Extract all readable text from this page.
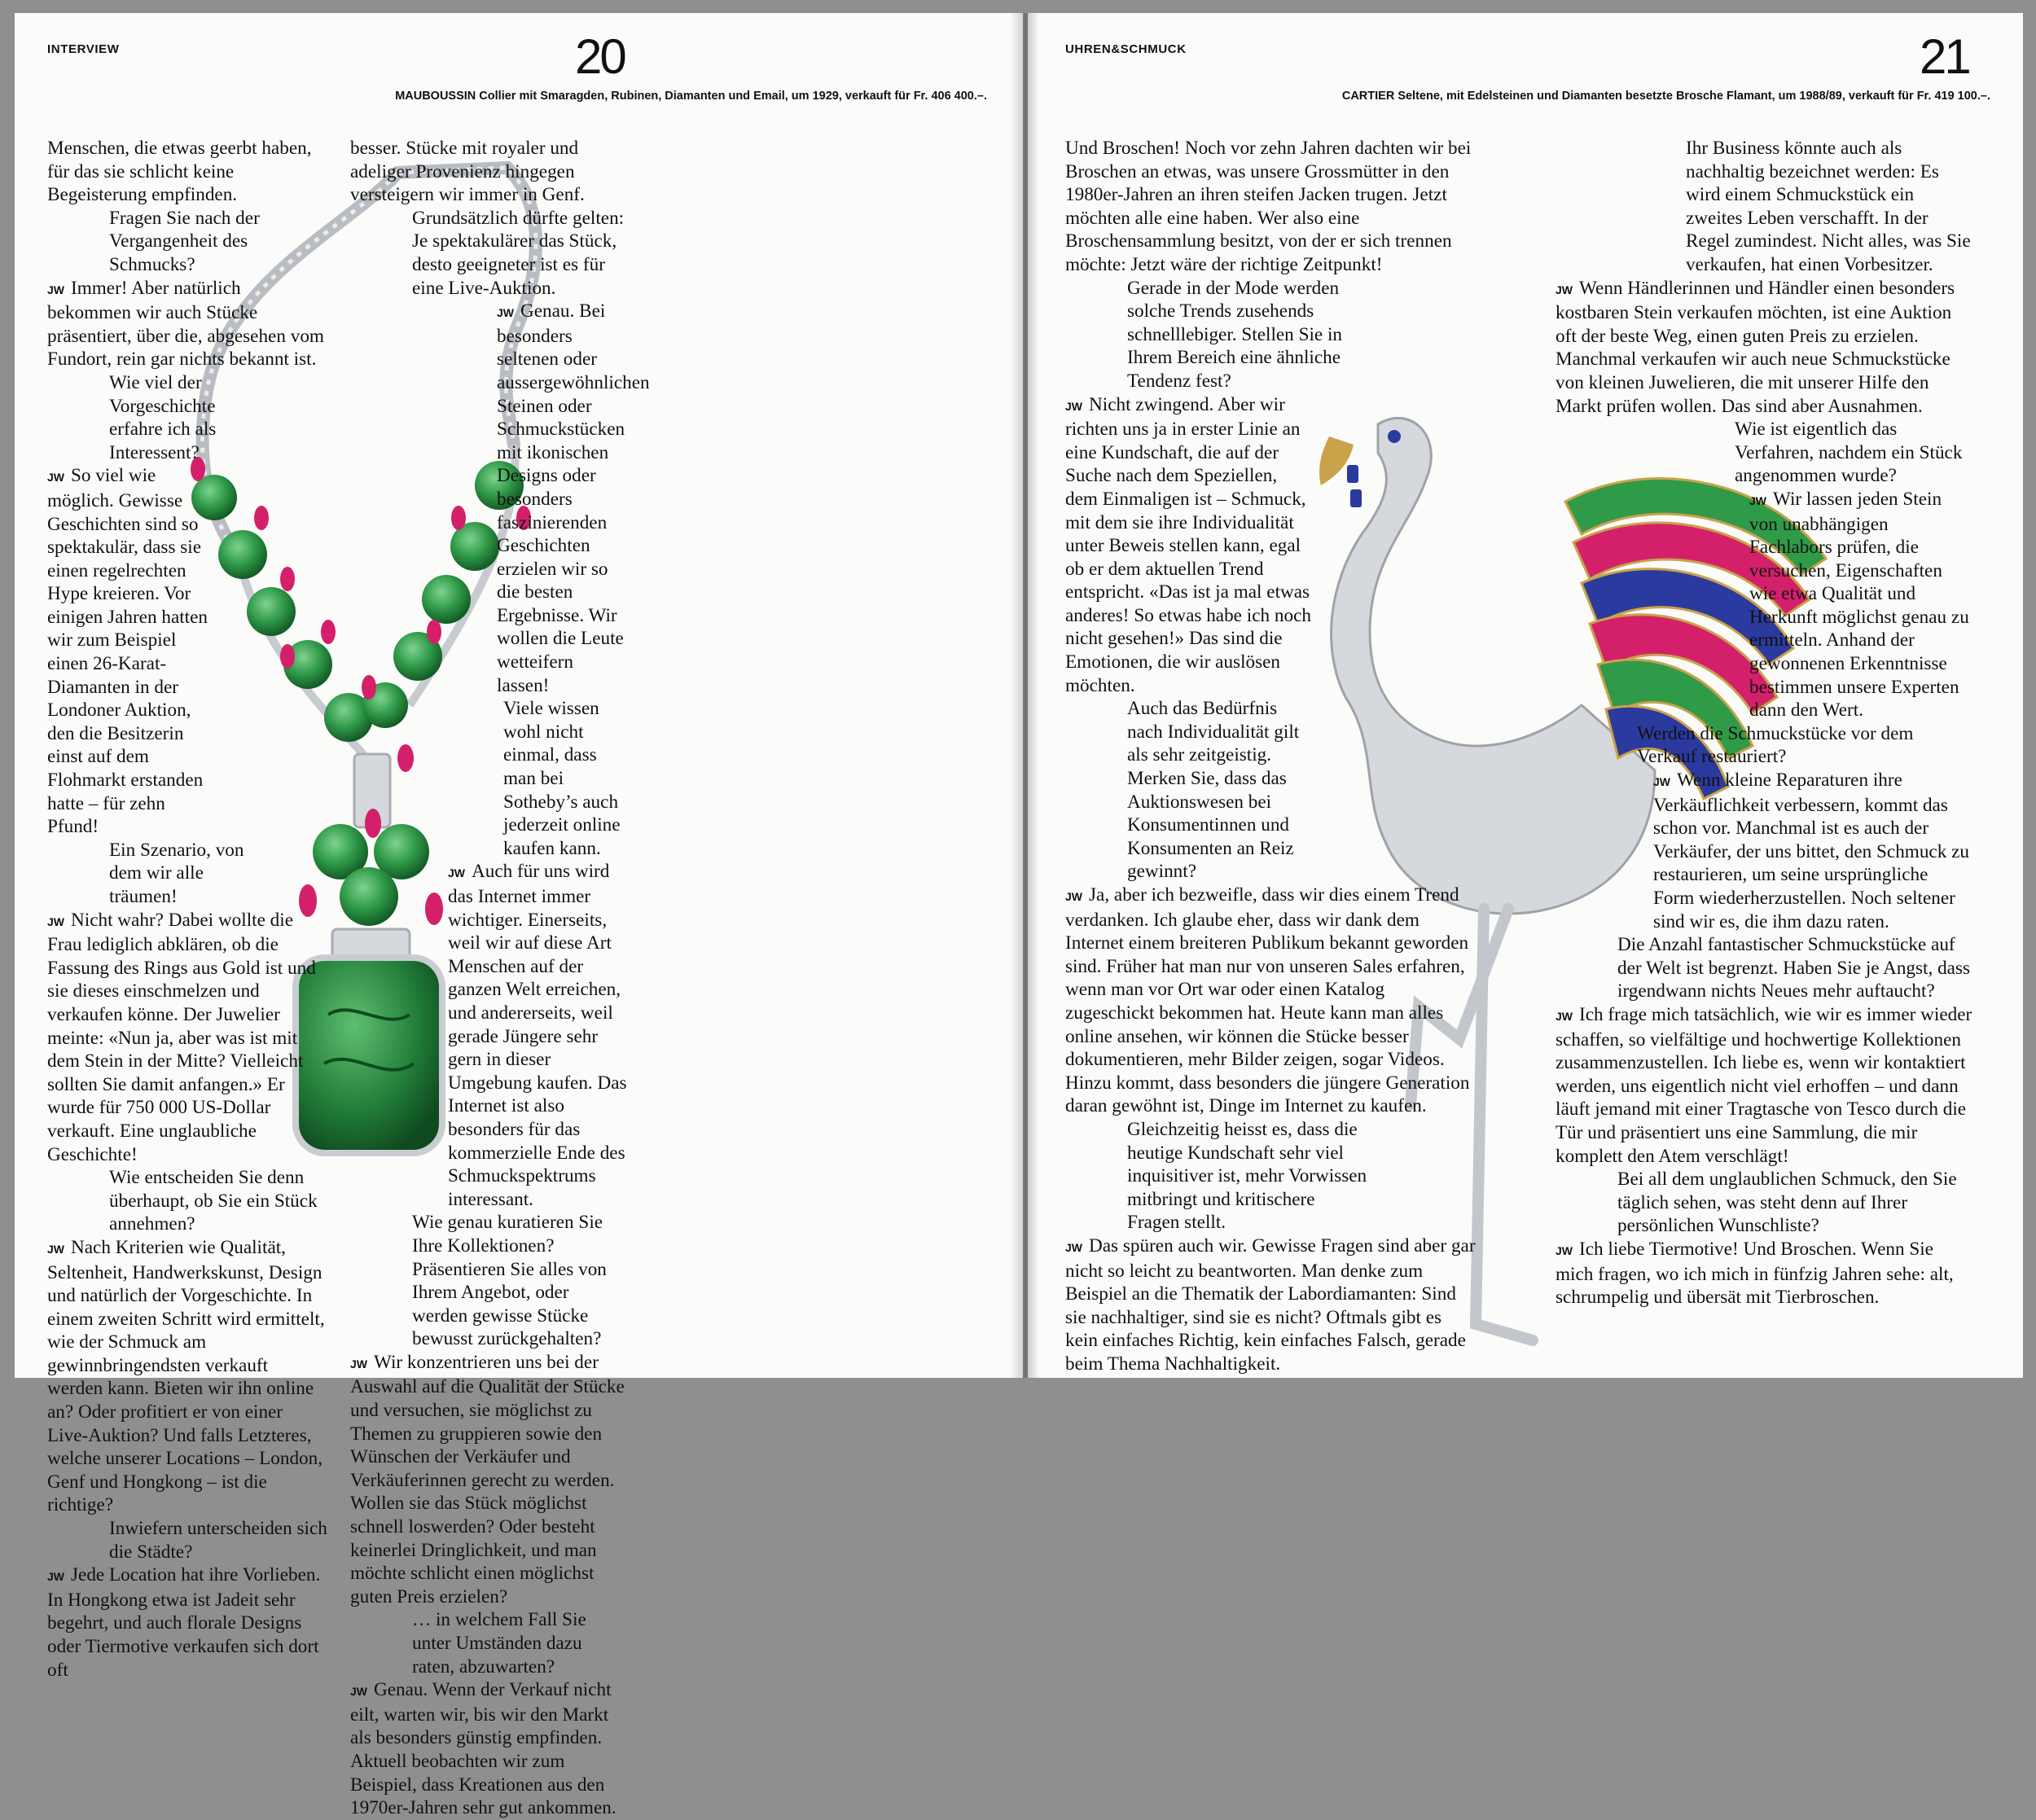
INTERVIEW	20
MAUBOUSSIN Collier mit Smaragden, Rubinen, Diamanten und Email, um 1929, verkauft für Fr. 406 400.–.

Menschen, die etwas geerbt haben, für das sie schlicht keine Begeisterung empfinden.

Fragen Sie nach der Vergangenheit des Schmucks?

JW Immer! Aber natürlich bekommen wir auch Stücke präsentiert, über die, abgesehen vom Fundort, rein gar nichts bekannt ist.

Wie viel der Vorgeschichte erfahre ich als Interessent?

JW So viel wie möglich. Gewisse Geschichten sind so spektakulär, dass sie einen regelrechten Hype kreieren. Vor einigen Jahren hatten wir zum Beispiel einen 26-Karat-Diamanten in der Londoner Auktion, den die Besitzerin einst auf dem Flohmarkt erstanden hatte – für zehn Pfund!

Ein Szenario, von dem wir alle träumen!

JW Nicht wahr? Dabei wollte die Frau lediglich abklären, ob die Fassung des Rings aus Gold ist und sie dieses einschmelzen und verkaufen könne. Der Juwelier meinte: «Nun ja, aber was ist mit dem Stein in der Mitte? Vielleicht sollten Sie damit anfangen.» Er wurde für 750 000 US-Dollar verkauft. Eine unglaubliche Geschichte!

Wie entscheiden Sie denn überhaupt, ob Sie ein Stück annehmen?

JW Nach Kriterien wie Qualität, Seltenheit, Handwerkskunst, Design und natürlich der Vorgeschichte. In einem zweiten Schritt wird ermittelt, wie der Schmuck am gewinnbringendsten verkauft werden kann. Bieten wir ihn online an? Oder profitiert er von einer Live-Auktion? Und falls Letzteres, welche unserer Locations – London, Genf und Hongkong – ist die richtige?

Inwiefern unterscheiden sich die Städte?

JW Jede Location hat ihre Vorlieben. In Hongkong etwa ist Jadeit sehr begehrt, und auch florale Designs oder Tiermotive verkaufen sich dort oft

besser. Stücke mit royaler und adeliger Provenienz hingegen versteigern wir immer in Genf.

Grundsätzlich dürfte gelten: Je spektakulärer das Stück, desto geeigneter ist es für eine Live-Auktion.

JW Genau. Bei besonders seltenen oder aussergewöhnlichen Steinen oder Schmuckstücken mit ikonischen Designs oder besonders faszinierenden Geschichten erzielen wir so die besten Ergebnisse. Wir wollen die Leute wetteifern lassen!

Viele wissen wohl nicht einmal, dass man bei Sotheby’s auch jederzeit online kaufen kann.

JW Auch für uns wird das Internet immer wichtiger. Einerseits, weil wir auf diese Art Menschen auf der ganzen Welt erreichen, und andererseits, weil gerade Jüngere sehr gern in dieser Umgebung kaufen. Das Internet ist also besonders für das kommerzielle Ende des Schmuckspektrums interessant.

Wie genau kuratieren Sie Ihre Kollektionen? Präsentieren Sie alles von Ihrem Angebot, oder werden gewisse Stücke bewusst zurückgehalten?

JW Wir konzentrieren uns bei der Auswahl auf die Qualität der Stücke und versuchen, sie möglichst zu Themen zu gruppieren sowie den Wünschen der Verkäufer und Verkäuferinnen gerecht zu werden. Wollen sie das Stück möglichst schnell loswerden? Oder besteht keinerlei Dringlichkeit, und man möchte schlicht einen möglichst guten Preis erzielen?

… in welchem Fall Sie unter Umständen dazu raten, abzuwarten?

JW Genau. Wenn der Verkauf nicht eilt, warten wir, bis wir den Markt als besonders günstig empfinden. Aktuell beobachten wir zum Beispiel, dass Kreationen aus den 1970er-Jahren sehr gut ankommen.

UHREN&SCHMUCK	21
CARTIER Seltene, mit Edelsteinen und Diamanten besetzte Brosche Flamant, um 1988/89, verkauft für Fr. 419 100.–.

Und Broschen! Noch vor zehn Jahren dachten wir bei Broschen an etwas, was unsere Grossmütter in den 1980er-Jahren an ihren steifen Jacken trugen. Jetzt möchten alle eine haben. Wer also eine Broschensammlung besitzt, von der er sich trennen möchte: Jetzt wäre der richtige Zeitpunkt!

Gerade in der Mode werden solche Trends zusehends schnelllebiger. Stellen Sie in Ihrem Bereich eine ähnliche Tendenz fest?

JW Nicht zwingend. Aber wir richten uns ja in erster Linie an eine Kundschaft, die auf der Suche nach dem Speziellen, dem Einmaligen ist – Schmuck, mit dem sie ihre Individualität unter Beweis stellen kann, egal ob er dem aktuellen Trend entspricht. «Das ist ja mal etwas anderes! So etwas habe ich noch nicht gesehen!» Das sind die Emotionen, die wir auslösen möchten.

Auch das Bedürfnis nach Individualität gilt als sehr zeitgeistig. Merken Sie, dass das Auktionswesen bei Konsumentinnen und Konsumenten an Reiz gewinnt?

JW Ja, aber ich bezweifle, dass wir dies einem Trend verdanken. Ich glaube eher, dass wir dank dem Internet einem breiteren Publikum bekannt geworden sind. Früher hat man nur von unseren Sales erfahren, wenn man vor Ort war oder einen Katalog zugeschickt bekommen hat. Heute kann man alles online ansehen, wir können die Stücke besser dokumentieren, mehr Bilder zeigen, sogar Videos. Hinzu kommt, dass besonders die jüngere Generation daran gewöhnt ist, Dinge im Internet zu kaufen.

Gleichzeitig heisst es, dass die heutige Kundschaft sehr viel inquisitiver ist, mehr Vorwissen mitbringt und kritischere Fragen stellt.

JW Das spüren auch wir. Gewisse Fragen sind aber gar nicht so leicht zu beantworten. Man denke zum Beispiel an die Thematik der Labordiamanten: Sind sie nachhaltiger, sind sie es nicht? Oftmals gibt es kein einfaches Richtig, kein einfaches Falsch, gerade beim Thema Nachhaltigkeit.

Ihr Business könnte auch als nachhaltig bezeichnet werden: Es wird einem Schmuckstück ein zweites Leben verschafft. In der Regel zumindest. Nicht alles, was Sie verkaufen, hat einen Vorbesitzer.

JW Wenn Händlerinnen und Händler einen besonders kostbaren Stein verkaufen möchten, ist eine Auktion oft der beste Weg, einen guten Preis zu erzielen. Manchmal verkaufen wir auch neue Schmuckstücke von kleinen Juwelieren, die mit unserer Hilfe den Markt prüfen wollen. Das sind aber Ausnahmen.

Wie ist eigentlich das Verfahren, nachdem ein Stück angenommen wurde?

JW Wir lassen jeden Stein von unabhängigen Fachlabors prüfen, die versuchen, Eigenschaften wie etwa Qualität und Herkunft möglichst genau zu ermitteln. Anhand der gewonnenen Erkenntnisse bestimmen unsere Experten dann den Wert.

Werden die Schmuckstücke vor dem Verkauf restauriert?

JW Wenn kleine Reparaturen ihre Verkäuflichkeit verbessern, kommt das schon vor. Manchmal ist es auch der Verkäufer, der uns bittet, den Schmuck zu restaurieren, um seine ursprüngliche Form wiederherzustellen. Noch seltener sind wir es, die ihm dazu raten.

Die Anzahl fantastischer Schmuckstücke auf der Welt ist begrenzt. Haben Sie je Angst, dass irgendwann nichts Neues mehr auftaucht?

JW Ich frage mich tatsächlich, wie wir es immer wieder schaffen, so vielfältige und hochwertige Kollektionen zusammenzustellen. Ich liebe es, wenn wir kontaktiert werden, uns eigentlich nicht viel erhoffen – und dann läuft jemand mit einer Tragtasche von Tesco durch die Tür und präsentiert uns eine Sammlung, die mir komplett den Atem verschlägt!

Bei all dem unglaublichen Schmuck, den Sie täglich sehen, was steht denn auf Ihrer persönlichen Wunschliste?

JW Ich liebe Tiermotive! Und Broschen. Wenn Sie mich fragen, wo ich mich in fünfzig Jahren sehe: alt, schrumpelig und übersät mit Tierbroschen.
